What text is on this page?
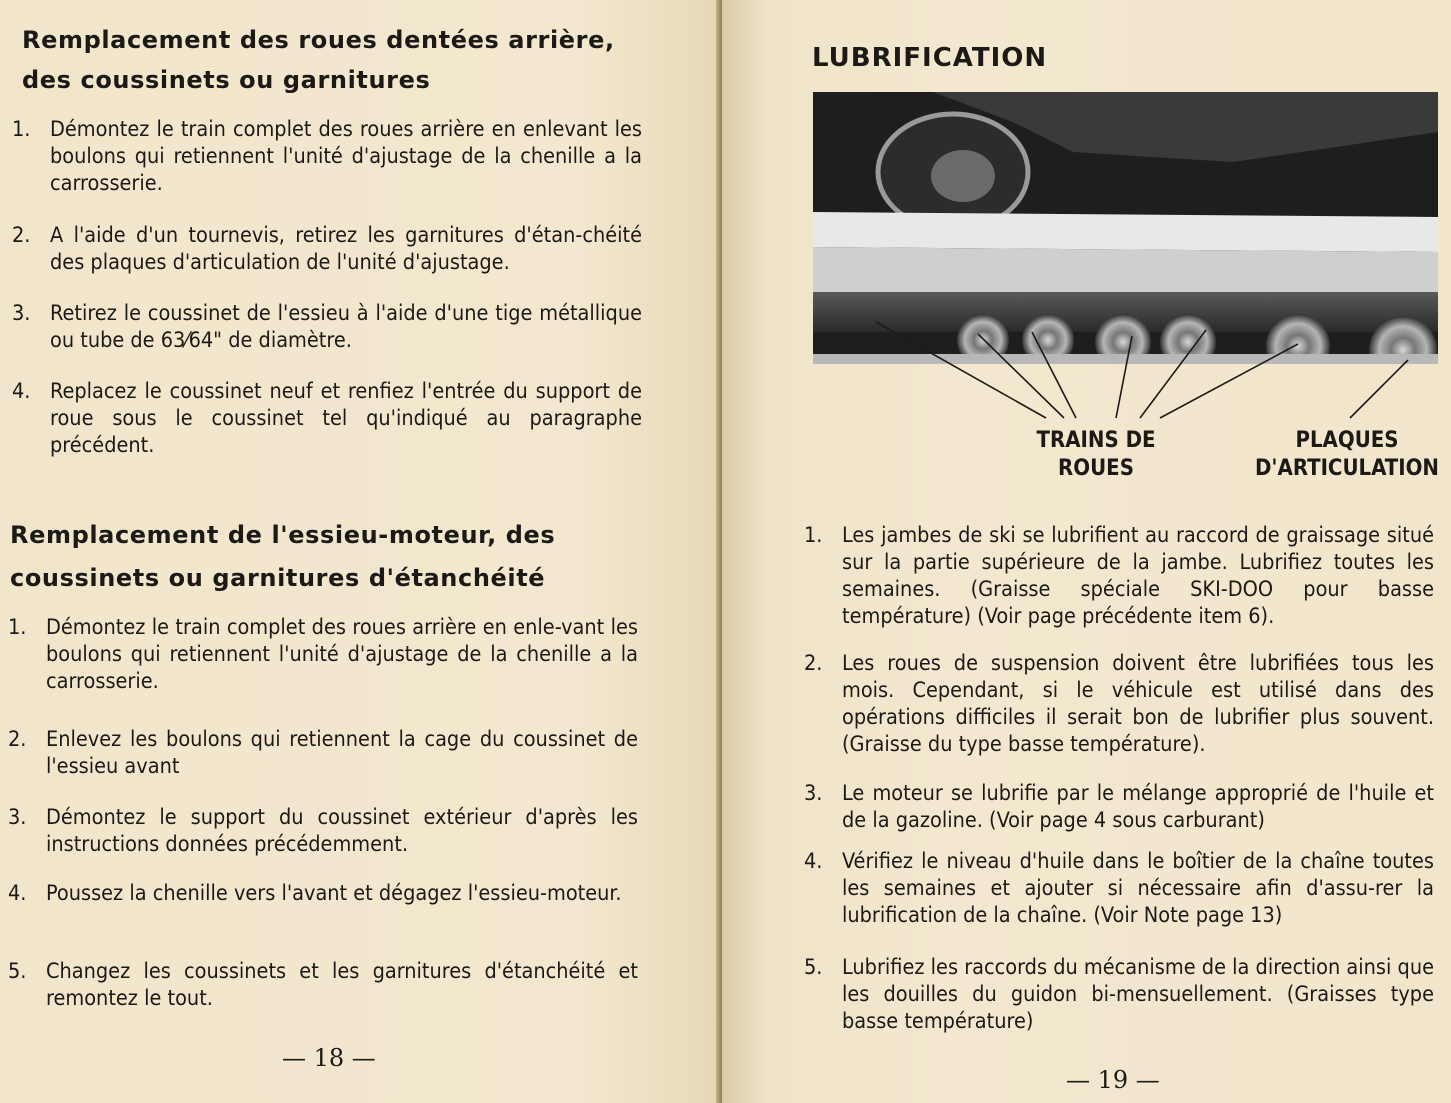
Remplacement des roues dentées arrière,
des coussinets ou garnitures
1. Démontez le train complet des roues arrière en enlevant les boulons qui retiennent l'unité d'ajustage de la chenille a la carrosserie.
2. A l'aide d'un tournevis, retirez les garnitures d'étan-chéité des plaques d'articulation de l'unité d'ajustage.
3. Retirez le coussinet de l'essieu à l'aide d'une tige métallique ou tube de 63⁄64" de diamètre.
4. Replacez le coussinet neuf et renfiez l'entrée du support de roue sous le coussinet tel qu'indiqué au paragraphe précédent.
Remplacement de l'essieu-moteur, des
coussinets ou garnitures d'étanchéité
1. Démontez le train complet des roues arrière en enle-vant les boulons qui retiennent l'unité d'ajustage de la chenille a la carrosserie.
2. Enlevez les boulons qui retiennent la cage du coussinet de l'essieu avant
3. Démontez le support du coussinet extérieur d'après les instructions données précédemment.
4. Poussez la chenille vers l'avant et dégagez l'essieu-moteur.
5. Changez les coussinets et les garnitures d'étanchéité et remontez le tout.
— 18 —
LUBRIFICATION
TRAINS DE
ROUES
PLAQUES
D'ARTICULATION
1. Les jambes de ski se lubrifient au raccord de graissage situé sur la partie supérieure de la jambe. Lubrifiez toutes les semaines. (Graisse spéciale SKI-DOO pour basse température) (Voir page précédente item 6).
2. Les roues de suspension doivent être lubrifiées tous les mois. Cependant, si le véhicule est utilisé dans des opérations difficiles il serait bon de lubrifier plus souvent. (Graisse du type basse température).
3. Le moteur se lubrifie par le mélange approprié de l'huile et de la gazoline. (Voir page 4 sous carburant)
4. Vérifiez le niveau d'huile dans le boîtier de la chaîne toutes les semaines et ajouter si nécessaire afin d'assu-rer la lubrification de la chaîne. (Voir Note page 13)
5. Lubrifiez les raccords du mécanisme de la direction ainsi que les douilles du guidon bi-mensuellement. (Graisses type basse température)
— 19 —
